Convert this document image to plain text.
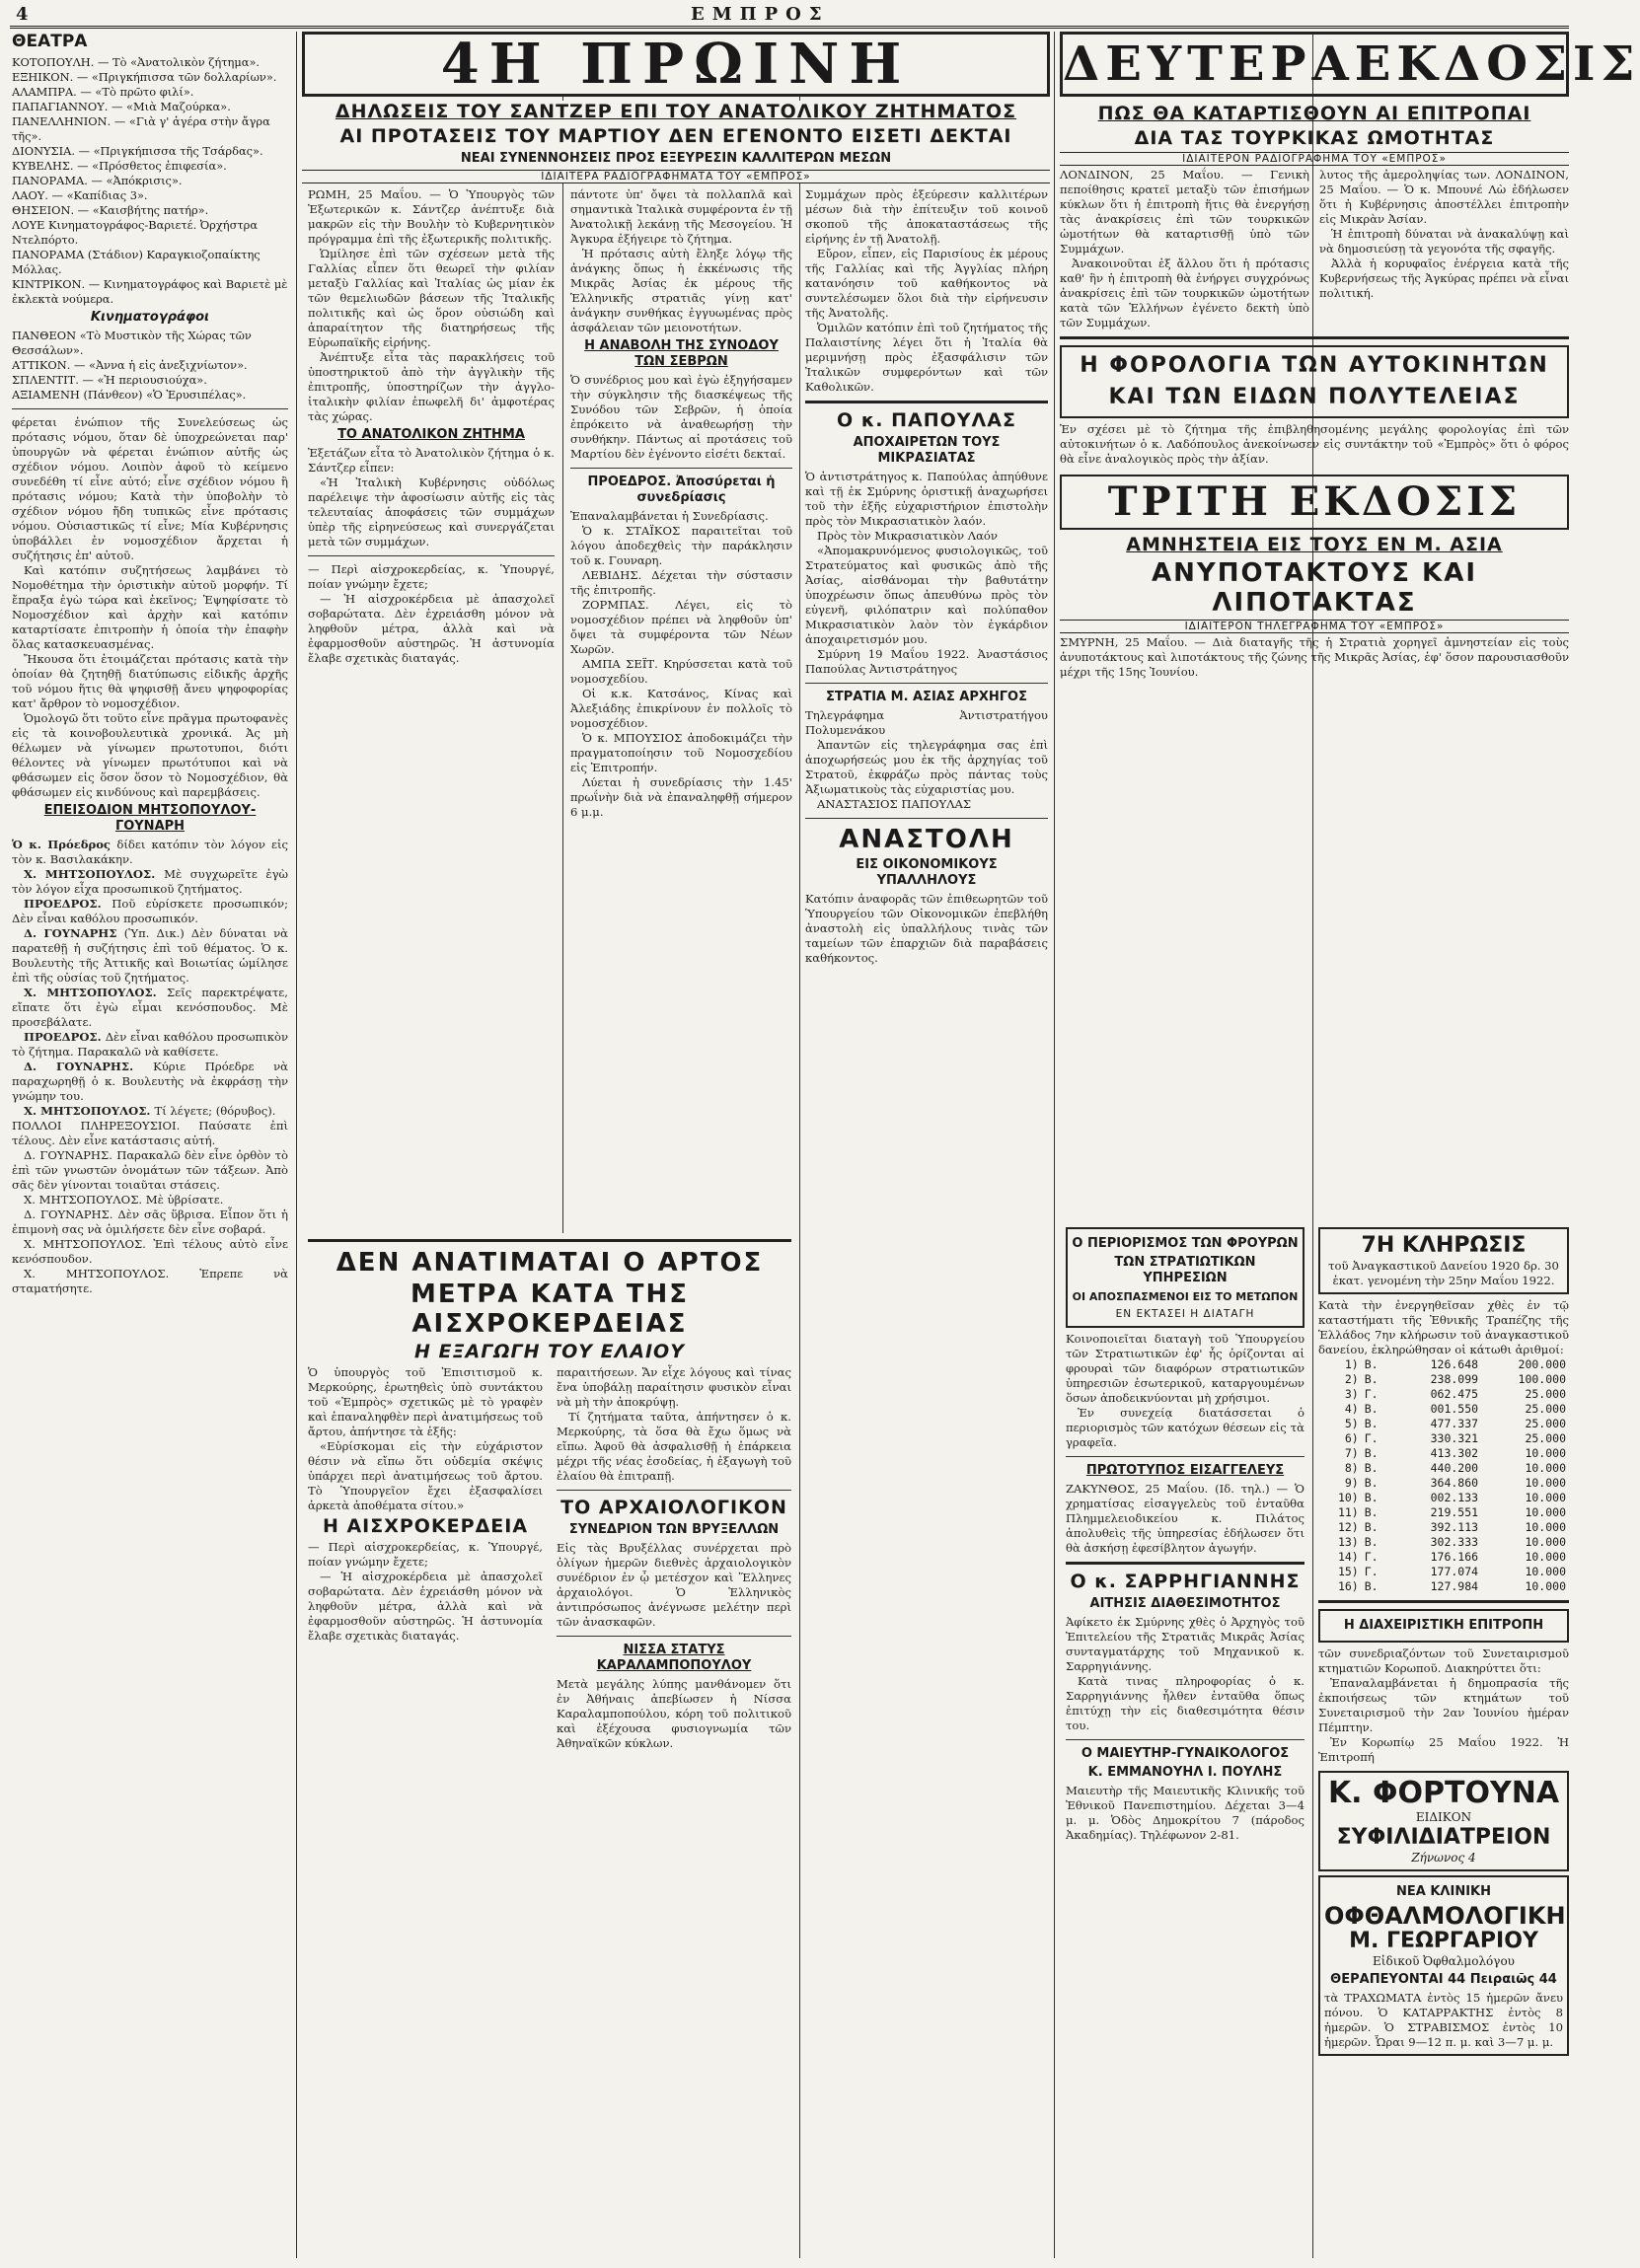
4	ΕΜΠΡΟΣ
ΘΕΑΤΡΑ

ΚΟΤΟΠΟΥΛΗ. — Τὸ «Ἀνατολικὸν ζήτημα».

ΕΞΗΙΚΟΝ. — «Πριγκήπισσα τῶν δολλαρίων».

ΑΛΑΜΠΡΑ. — «Τὸ πρῶτο φιλί».

ΠΑΠΑΓΙΑΝΝΟΥ. — «Μιὰ Μαζούρκα».

ΠΑΝΕΛΛΗΝΙΟΝ. — «Γιὰ γ' ἀγέρα στὴν ἄγρα τῆς».

ΔΙΟΝΥΣΙΑ. — «Πριγκήπισσα τῆς Τσάρδας».

ΚΥΒΕΛΗΣ. — «Πρόσθετος ἐπιφεσία».

ΠΑΝΟΡΑΜΑ. — «Ἀπόκρισις».

ΛΑΟΥ. — «Καπίδιας 3».

ΘΗΣΕΙΟΝ. — «Καισβήτης πατήρ».

ΛΟΥΕ Κινηματογράφος-Βαριετέ. Ὀρχήστρα Ντελπόρτο.

ΠΑΝΟΡΑΜΑ (Στάδιον) Καραγκιοζοπαίκτης Μόλλας.

ΚΙΝΤΡΙΚΟΝ. — Κινηματογράφος καὶ Βαριετὲ μὲ ἐκλεκτὰ νούμερα.

Κινηματογράφοι

ΠΑΝΘΕΟΝ «Τὸ Μυστικὸν τῆς Χώρας τῶν Θεσσάλων».

ΑΤΤΙΚΟΝ. — «Ἀννα ἡ εἰς ἀνεξιχνίωτον».

ΣΠΛΕΝΤΙΤ. — «Ἡ περιουσιούχα».

ΑΞΙΑΜΕΝΗ (Πάνθεον) «Ὁ Ἐρυσιπέλας».

φέρεται ἐνώπιον τῆς Συνελεύσεως ὡς πρότασις νόμου, ὅταν δὲ ὑποχρεώνεται παρ' ὑπουργῶν νὰ φέρεται ἐνώπιον αὐτῆς ὡς σχέδιον νόμου. Λοιπὸν ἀφοῦ τὸ κείμενο συνεδέθη τί εἶνε αὐτό; εἶνε σχέδιον νόμου ἢ πρότασις νόμου; Κατὰ τὴν ὑποβολὴν τὸ σχέδιον νόμου ἤδη τυπικῶς εἶνε πρότασις νόμου. Οὐσιαστικῶς τί εἶνε; Μία Κυβέρνησις ὑποβάλλει ἐν νομοσχέδιον ἄρχεται ἡ συζήτησις ἐπ' αὐτοῦ.

Καὶ κατόπιν συζητήσεως λαμβάνει τὸ Νομοθέτημα τὴν ὁριστικὴν αὐτοῦ μορφήν. Τί ἔπραξα ἐγὼ τώρα καὶ ἐκεῖνος; Ἐψηφίσατε τὸ Νομοσχέδιον καὶ ἀρχὴν καὶ κατόπιν καταρτίσατε ἐπιτροπὴν ἡ ὁποία τὴν ἐπαφὴν ὅλας κατασκευασμένας.

Ἤκουσα ὅτι ἐτοιμάζεται πρότασις κατὰ τὴν ὁποίαν θὰ ζητηθῇ διατύπωσις εἰδικῆς ἀρχῆς τοῦ νόμου ἥτις θὰ ψηφισθῇ ἄνευ ψηφοφορίας κατ' ἄρθρον τὸ νομοσχέδιον.

Ὁμολογῶ ὅτι τοῦτο εἶνε πρᾶγμα πρωτοφανὲς εἰς τὰ κοινοβουλευτικὰ χρονικά. Ἀς μὴ θέλωμεν νὰ γίνωμεν πρωτοτυποι, διότι θέλοντες νὰ γίνωμεν πρωτότυποι καὶ νὰ φθάσωμεν εἰς ὅσον ὅσον τὸ Νομοσχέδιον, θὰ φθάσωμεν εἰς κινδύνους καὶ παρεμβάσεις.

ΕΠΕΙΣΟΔΙΟΝ ΜΗΤΣΟΠΟΥΛΟΥ-ΓΟΥΝΑΡΗ

Ὁ κ. Πρόεδρος δίδει κατόπιν τὸν λόγον εἰς τὸν κ. Βασιλακάκην.

Χ. ΜΗΤΣΟΠΟΥΛΟΣ. Μὲ συγχωρεῖτε ἐγὼ τὸν λόγον εἶχα προσωπικοῦ ζητήματος.

ΠΡΟΕΔΡΟΣ. Ποῦ εὑρίσκετε προσωπικόν; Δὲν εἶναι καθόλου προσωπικόν.

Δ. ΓΟΥΝΑΡΗΣ (Ὑπ. Δικ.) Δὲν δύναται νὰ παρατεθῇ ἡ συζήτησις ἐπὶ τοῦ θέματος. Ὁ κ. Βουλευτὴς τῆς Ἀττικῆς καὶ Βοιωτίας ὡμίλησε ἐπὶ τῆς οὐσίας τοῦ ζητήματος.

Χ. ΜΗΤΣΟΠΟΥΛΟΣ. Σεῖς παρεκτρέψατε, εἴπατε ὅτι ἐγὼ εἶμαι κενόσπουδος. Μὲ προσεβάλατε.

ΠΡΟΕΔΡΟΣ. Δὲν εἶναι καθόλου προσωπικὸν τὸ ζήτημα. Παρακαλῶ νὰ καθίσετε.

Δ. ΓΟΥΝΑΡΗΣ. Κύριε Πρόεδρε νὰ παραχωρηθῇ ὁ κ. Βουλευτὴς νὰ ἐκφράσῃ τὴν γνώμην του.

Χ. ΜΗΤΣΟΠΟΥΛΟΣ. Τί λέγετε; (θόρυβος).

ΠΟΛΛΟΙ ΠΛΗΡΕΞΟΥΣΙΟΙ. Παύσατε ἐπὶ τέλους. Δὲν εἶνε κατάστασις αὐτή.

Δ. ΓΟΥΝΑΡΗΣ. Παρακαλῶ δὲν εἶνε ὀρθὸν τὸ ἐπὶ τῶν γνωστῶν ὀνομάτων τῶν τάξεων. Ἀπὸ σᾶς δὲν γίνονται τοιαῦται στάσεις.

Χ. ΜΗΤΣΟΠΟΥΛΟΣ. Μὲ ὑβρίσατε.

Δ. ΓΟΥΝΑΡΗΣ. Δὲν σᾶς ὕβρισα. Εἶπον ὅτι ἡ ἐπιμονὴ σας νὰ ὁμιλήσετε δὲν εἶνε σοβαρά.

Χ. ΜΗΤΣΟΠΟΥΛΟΣ. Ἐπὶ τέλους αὐτὸ εἶνε κενόσπουδον.

Χ. ΜΗΤΣΟΠΟΥΛΟΣ. Ἐπρεπε νὰ σταματήσητε.

4Η ΠΡΩΙΝΗ
ΔΗΛΩΣΕΙΣ ΤΟΥ ΣΑΝΤΖΕΡ ΕΠΙ ΤΟΥ ΑΝΑΤΟΛΙΚΟΥ ΖΗΤΗΜΑΤΟΣ
ΑΙ ΠΡΟΤΑΣΕΙΣ ΤΟΥ ΜΑΡΤΙΟΥ ΔΕΝ ΕΓΕΝΟΝΤΟ ΕΙΣΕΤΙ ΔΕΚΤΑΙ
ΝΕΑΙ ΣΥΝΕΝΝΟΗΣΕΙΣ ΠΡΟΣ ΕΞΕΥΡΕΣΙΝ ΚΑΛΛΙΤΕΡΩΝ ΜΕΣΩΝ
ΙΔΙΑΙΤΕΡΑ ΡΑΔΙΟΓΡΑΦΗΜΑΤΑ ΤΟΥ «ΕΜΠΡΟΣ»

ΡΩΜΗ, 25 Μαΐου. — Ὁ Ὑπουργὸς τῶν Ἐξωτερικῶν κ. Σάντζερ ἀνέπτυξε διὰ μακρῶν εἰς τὴν Βουλὴν τὸ Κυβερνητικὸν πρόγραμμα ἐπὶ τῆς ἐξωτερικῆς πολιτικῆς.

Ὡμίλησε ἐπὶ τῶν σχέσεων μετὰ τῆς Γαλλίας εἶπεν ὅτι θεωρεῖ τὴν φιλίαν μεταξὺ Γαλλίας καὶ Ἰταλίας ὡς μίαν ἐκ τῶν θεμελιωδῶν βάσεων τῆς Ἰταλικῆς πολιτικῆς καὶ ὡς ὅρον οὐσιώδη καὶ ἀπαραίτητον τῆς διατηρήσεως τῆς Εὐρωπαϊκῆς εἰρήνης.

Ἀνέπτυξε εἶτα τὰς παρακλήσεις τοῦ ὑποστηρικτοῦ ἀπὸ τὴν ἀγγλικὴν τῆς ἐπιτροπῆς, ὑποστηρίζων τὴν ἀγγλο-ἰταλικὴν φιλίαν ἐπωφελῆ δι' ἀμφοτέρας τὰς χώρας.

ΤΟ ΑΝΑΤΟΛΙΚΟΝ ΖΗΤΗΜΑ

Ἐξετάζων εἶτα τὸ Ἀνατολικὸν ζήτημα ὁ κ. Σάντζερ εἶπεν:

«Ἡ Ἰταλικὴ Κυβέρνησις οὐδόλως παρέλειψε τὴν ἀφοσίωσιν αὐτῆς εἰς τὰς τελευταίας ἀποφάσεις τῶν συμμάχων ὑπὲρ τῆς εἰρηνεύσεως καὶ συνεργάζεται μετὰ τῶν συμμάχων.

— Περὶ αἰσχροκερδείας, κ. Ὑπουργέ, ποίαν γνώμην ἔχετε;

— Ἡ αἰσχροκέρδεια μὲ ἀπασχολεῖ σοβαρώτατα. Δὲν ἐχρειάσθη μόνον νὰ ληφθοῦν μέτρα, ἀλλὰ καὶ νὰ ἐφαρμοσθοῦν αὐστηρῶς. Ἡ ἀστυνομία ἔλαβε σχετικὰς διαταγάς.

πάντοτε ὑπ' ὄψει τὰ πολλαπλᾶ καὶ σημαντικὰ Ἰταλικὰ συμφέροντα ἐν τῇ Ἀνατολικῇ λεκάνῃ τῆς Μεσογείου. Ἡ Ἀγκυρα ἐξήγειρε τὸ ζήτημα.

Ἡ πρότασις αὐτὴ ἔληξε λόγῳ τῆς ἀνάγκης ὅπως ἡ ἐκκένωσις τῆς Μικρᾶς Ἀσίας ἐκ μέρους τῆς Ἑλληνικῆς στρατιᾶς γίνῃ κατ' ἀνάγκην συνθήκας ἐγγυωμένας πρὸς ἀσφάλειαν τῶν μειονοτήτων.

Η ΑΝΑΒΟΛΗ ΤΗΣ ΣΥΝΟΔΟΥ ΤΩΝ ΣΕΒΡΩΝ

Ὁ συνέδριος μου καὶ ἐγὼ ἐξηγήσαμεν τὴν σύγκλησιν τῆς διασκέψεως τῆς Συνόδου τῶν Σεβρῶν, ἡ ὁποία ἐπρόκειτο νὰ ἀναθεωρήσῃ τὴν συνθήκην. Πάντως αἱ προτάσεις τοῦ Μαρτίου δὲν ἐγένοντο εἰσέτι δεκταί.

ΠΡΟΕΔΡΟΣ. Ἀποσύρεται ἡ συνεδρίασις

Ἐπαναλαμβάνεται ἡ Συνεδρίασις.

Ὁ κ. ΣΤΑΪΚΟΣ παραιτεῖται τοῦ λόγου ἀποδεχθεὶς τὴν παράκλησιν τοῦ κ. Γουναρη.

ΛΕΒΙΔΗΣ. Δέχεται τὴν σύστασιν τῆς ἐπιτροπῆς.

ΖΟΡΜΠΑΣ. Λέγει, εἰς τὸ νομοσχέδιον πρέπει νὰ ληφθοῦν ὑπ' ὄψει τὰ συμφέροντα τῶν Νέων Χωρῶν.

ΑΜΠΑ ΣΕΪΤ. Κηρύσσεται κατὰ τοῦ νομοσχεδίου.

Οἱ κ.κ. Κατσάνος, Κίνας καὶ Ἀλεξιάδης ἐπικρίνουν ἐν πολλοῖς τὸ νομοσχέδιον.

Ὁ κ. ΜΠΟΥΣΙΟΣ ἀποδοκιμάζει τὴν πραγματοποίησιν τοῦ Νομοσχεδίου εἰς Ἐπιτροπήν.

Λύεται ἡ συνεδρίασις τὴν 1.45' πρωΐνὴν διὰ νὰ ἐπαναληφθῇ σήμερον 6 μ.μ.

Συμμάχων πρὸς ἐξεύρεσιν καλλιτέρων μέσων διὰ τὴν ἐπίτευξιν τοῦ κοινοῦ σκοποῦ τῆς ἀποκαταστάσεως τῆς εἰρήνης ἐν τῇ Ἀνατολῇ.

Εὔρον, εἶπεν, εἰς Παρισίους ἐκ μέρους τῆς Γαλλίας καὶ τῆς Ἀγγλίας πλήρη κατανόησιν τοῦ καθήκοντος νὰ συντελέσωμεν ὅλοι διὰ τὴν εἰρήνευσιν τῆς Ἀνατολῆς.

Ὁμιλῶν κατόπιν ἐπὶ τοῦ ζητήματος τῆς Παλαιστίνης λέγει ὅτι ἡ Ἰταλία θὰ μεριμνήσῃ πρὸς ἐξασφάλισιν τῶν Ἰταλικῶν συμφερόντων καὶ τῶν Καθολικῶν.

Ο κ. ΠΑΠΟΥΛΑΣ
ΑΠΟΧΑΙΡΕΤΩΝ ΤΟΥΣ ΜΙΚΡΑΣΙΑΤΑΣ

Ὁ ἀντιστράτηγος κ. Παπούλας ἀπηύθυνε καὶ τῇ ἐκ Σμύρνης ὁριστικῇ ἀναχωρήσει τοῦ τὴν ἑξῆς εὐχαριστήριον ἐπιστολὴν πρὸς τὸν Μικρασιατικὸν λαόν.

Πρὸς τὸν Μικρασιατικὸν Λαόν

«Ἀπομακρυνόμενος φυσιολογικῶς, τοῦ Στρατεύματος καὶ φυσικῶς ἀπὸ τῆς Ἀσίας, αἰσθάνομαι τὴν βαθυτάτην ὑποχρέωσιν ὅπως ἀπευθύνω πρὸς τὸν εὐγενῆ, φιλόπατριν καὶ πολύπαθον Μικρασιατικὸν λαὸν τὸν ἐγκάρδιον ἀποχαιρετισμόν μου.

Σμύρνη 19 Μαΐου 1922. Ἀναστάσιος Παπούλας Ἀντιστράτηγος

ΣΤΡΑΤΙΑ Μ. ΑΣΙΑΣ ΑΡΧΗΓΟΣ

Τηλεγράφημα Ἀντιστρατήγου Πολυμενάκου

Ἀπαντῶν εἰς τηλεγράφημα σας ἐπὶ ἀποχωρήσεώς μου ἐκ τῆς ἀρχηγίας τοῦ Στρατοῦ, ἐκφράζω πρὸς πάντας τοὺς Ἀξιωματικοὺς τὰς εὐχαριστίας μου.

ΑΝΑΣΤΑΣΙΟΣ ΠΑΠΟΥΛΑΣ

ΑΝΑΣΤΟΛΗ
ΕΙΣ ΟΙΚΟΝΟΜΙΚΟΥΣ ΥΠΑΛΛΗΛΟΥΣ

Κατόπιν ἀναφορᾶς τῶν ἐπιθεωρητῶν τοῦ Ὑπουργείου τῶν Οἰκονομικῶν ἐπεβλήθη ἀναστολὴ εἰς ὑπαλλήλους τινὰς τῶν ταμείων τῶν ἐπαρχιῶν διὰ παραβάσεις καθήκοντος.

ΔΕΝ ΑΝΑΤΙΜΑΤΑΙ Ο ΑΡΤΟΣ
ΜΕΤΡΑ ΚΑΤΑ ΤΗΣ ΑΙΣΧΡΟΚΕΡΔΕΙΑΣ
Η ΕΞΑΓΩΓΗ ΤΟΥ ΕΛΑΙΟΥ

Ὁ ὑπουργὸς τοῦ Ἐπισιτισμοῦ κ. Μερκούρης, ἐρωτηθεὶς ὑπὸ συντάκτου τοῦ «Ἐμπρὸς» σχετικῶς μὲ τὸ γραφὲν καὶ ἐπαναληφθὲν περὶ ἀνατιμήσεως τοῦ ἄρτου, ἀπήντησε τὰ ἑξῆς:

«Εὑρίσκομαι εἰς τὴν εὐχάριστον θέσιν νὰ εἴπω ὅτι οὐδεμία σκέψις ὑπάρχει περὶ ἀνατιμήσεως τοῦ ἄρτου. Τὸ Ὑπουργεῖον ἔχει ἐξασφαλίσει ἀρκετὰ ἀποθέματα σίτου.»

Η ΑΙΣΧΡΟΚΕΡΔΕΙΑ

— Περὶ αἰσχροκερδείας, κ. Ὑπουργέ, ποίαν γνώμην ἔχετε;

— Ἡ αἰσχροκέρδεια μὲ ἀπασχολεῖ σοβαρώτατα. Δὲν ἐχρειάσθη μόνον νὰ ληφθοῦν μέτρα, ἀλλὰ καὶ νὰ ἐφαρμοσθοῦν αὐστηρῶς. Ἡ ἀστυνομία ἔλαβε σχετικὰς διαταγάς.

παραιτήσεων. Ἄν εἶχε λόγους καὶ τίνας ἔνα ὑποβάλῃ παραίτησιν φυσικὸν εἶναι νὰ μὴ τὴν ἀποκρύψῃ.

Τί ζητήματα ταῦτα, ἀπήντησεν ὁ κ. Μερκούρης, τὰ ὅσα θὰ ἔχω ὅμως νὰ εἴπω. Ἀφοῦ θὰ ἀσφαλισθῇ ἡ ἐπάρκεια μέχρι τῆς νέας ἐσοδείας, ἡ ἐξαγωγὴ τοῦ ἐλαίου θὰ ἐπιτραπῇ.

ΤΟ ΑΡΧΑΙΟΛΟΓΙΚΟΝ
ΣΥΝΕΔΡΙΟΝ ΤΩΝ ΒΡΥΞΕΛΛΩΝ

Εἰς τὰς Βρυξέλλας συνέρχεται πρὸ ὀλίγων ἡμερῶν διεθνὲς ἀρχαιολογικὸν συνέδριον ἐν ᾧ μετέσχον καὶ Ἕλληνες ἀρχαιολόγοι. Ὁ Ἑλληνικὸς ἀντιπρόσωπος ἀνέγνωσε μελέτην περὶ τῶν ἀνασκαφῶν.

ΝΙΣΣΑ ΣΤΑΤΥΣ ΚΑΡΑΛΑΜΠΟΠΟΥΛΟΥ

Μετὰ μεγάλης λύπης μανθάνομεν ὅτι ἐν Ἀθήναις ἀπεβίωσεν ἡ Νίσσα Καραλαμποπούλου, κόρη τοῦ πολιτικοῦ καὶ ἐξέχουσα φυσιογνωμία τῶν Ἀθηναϊκῶν κύκλων.

ΔΕΥΤΕΡΑΕΚΔΟΣΙΣ
ΠΩΣ ΘΑ ΚΑΤΑΡΤΙΣΘΟΥΝ ΑΙ ΕΠΙΤΡΟΠΑΙ
ΔΙΑ ΤΑΣ ΤΟΥΡΚΙΚΑΣ ΩΜΟΤΗΤΑΣ
ΙΔΙΑΙΤΕΡΟΝ ΡΑΔΙΟΓΡΑΦΗΜΑ ΤΟΥ «ΕΜΠΡΟΣ»

ΛΟΝΔΙΝΟΝ, 25 Μαΐου. — Γενικὴ πεποίθησις κρατεῖ μεταξὺ τῶν ἐπισήμων κύκλων ὅτι ἡ ἐπιτροπὴ ἥτις θὰ ἐνεργήσῃ τὰς ἀνακρίσεις ἐπὶ τῶν τουρκικῶν ὠμοτήτων θὰ καταρτισθῇ ὑπὸ τῶν Συμμάχων.

Ἀνακοινοῦται ἐξ ἄλλου ὅτι ἡ πρότασις καθ' ἣν ἡ ἐπιτροπὴ θὰ ἐνήργει συγχρόνως ἀνακρίσεις ἐπὶ τῶν τουρκικῶν ὠμοτήτων κατὰ τῶν Ἑλλήνων ἐγένετο δεκτὴ ὑπὸ τῶν Συμμάχων.

λυτος τῆς ἀμεροληψίας των. ΛΟΝΔΙΝΟΝ, 25 Μαΐου. — Ὁ κ. Μπουνέ Λὼ ἐδήλωσεν ὅτι ἡ Κυβέρνησις ἀποστέλλει ἐπιτροπὴν εἰς Μικρὰν Ἀσίαν.

Ἡ ἐπιτροπὴ δύναται νὰ ἀνακαλύψῃ καὶ νὰ δημοσιεύσῃ τὰ γεγονότα τῆς σφαγῆς.

Ἀλλὰ ἡ κορυφαῖος ἐνέργεια κατὰ τῆς Κυβερνήσεως τῆς Ἀγκύρας πρέπει νὰ εἶναι πολιτική.

Η ΦΟΡΟΛΟΓΙΑ ΤΩΝ ΑΥΤΟΚΙΝΗΤΩΝ
ΚΑΙ ΤΩΝ ΕΙΔΩΝ ΠΟΛΥΤΕΛΕΙΑΣ

Ἐν σχέσει μὲ τὸ ζήτημα τῆς ἐπιβληθησομένης μεγάλης φορολογίας ἐπὶ τῶν αὐτοκινήτων ὁ κ. Λαδόπουλος ἀνεκοίνωσεν εἰς συντάκτην τοῦ «Ἐμπρὸς» ὅτι ὁ φόρος θὰ εἶνε ἀναλογικὸς πρὸς τὴν ἀξίαν.

ΤΡΙΤΗ ΕΚΔΟΣΙΣ
ΑΜΝΗΣΤΕΙΑ ΕΙΣ ΤΟΥΣ ΕΝ Μ. ΑΣΙΑ
ΑΝΥΠΟΤΑΚΤΟΥΣ ΚΑΙ ΛΙΠΟΤΑΚΤΑΣ
ΙΔΙΑΙΤΕΡΟΝ ΤΗΛΕΓΡΑΦΗΜΑ ΤΟΥ «ΕΜΠΡΟΣ»

ΣΜΥΡΝΗ, 25 Μαΐου. — Διὰ διαταγῆς τῆς ἡ Στρατιὰ χορηγεῖ ἀμνηστείαν εἰς τοὺς ἀνυποτάκτους καὶ λιποτάκτους τῆς ζώνης τῆς Μικρᾶς Ἀσίας, ἐφ' ὅσον παρουσιασθοῦν μέχρι τῆς 15ης Ἰουνίου.

Ο ΠΕΡΙΟΡΙΣΜΟΣ ΤΩΝ ΦΡΟΥΡΩΝ
ΤΩΝ ΣΤΡΑΤΙΩΤΙΚΩΝ ΥΠΗΡΕΣΙΩΝ
ΟΙ ΑΠΟΣΠΑΣΜΕΝΟΙ ΕΙΣ ΤΟ ΜΕΤΩΠΟΝ
ΕΝ ΕΚΤΑΣΕΙ Η ΔΙΑΤΑΓΗ

Κοινοποιεῖται διαταγὴ τοῦ Ὑπουργείου τῶν Στρατιωτικῶν ἐφ' ἧς ὁρίζονται αἱ φρουραὶ τῶν διαφόρων στρατιωτικῶν ὑπηρεσιῶν ἐσωτερικοῦ, καταργουμένων ὅσων ἀποδεικνύονται μὴ χρήσιμοι.

Ἐν συνεχείᾳ διατάσσεται ὁ περιορισμὸς τῶν κατόχων θέσεων εἰς τὰ γραφεῖα.

ΠΡΩΤΟΤΥΠΟΣ ΕΙΣΑΓΓΕΛΕΥΣ

ΖΑΚΥΝΘΟΣ, 25 Μαΐου. (Ιδ. τηλ.) — Ὁ χρηματίσας εἰσαγγελεὺς τοῦ ἐνταῦθα Πλημμελειοδικείου κ. Πιλάτος ἀπολυθεὶς τῆς ὑπηρεσίας ἐδήλωσεν ὅτι θὰ ἀσκήσῃ ἐφεσίβλητον ἀγωγήν.

Ο κ. ΣΑΡΡΗΓΙΑΝΝΗΣ
ΑΙΤΗΣΙΣ ΔΙΑΘΕΣΙΜΟΤΗΤΟΣ

Ἀφίκετο ἐκ Σμύρνης χθὲς ὁ Ἀρχηγὸς τοῦ Ἐπιτελείου τῆς Στρατιᾶς Μικρᾶς Ἀσίας συνταγματάρχης τοῦ Μηχανικοῦ κ. Σαρρηγιάννης.

Κατὰ τινας πληροφορίας ὁ κ. Σαρρηγιάννης ἦλθεν ἐνταῦθα ὅπως ἐπιτύχῃ τὴν εἰς διαθεσιμότητα θέσιν του.

Ο ΜΑΙΕΥΤΗΡ-ΓΥΝΑΙΚΟΛΟΓΟΣ
Κ. ΕΜΜΑΝΟΥΗΛ Ι. ΠΟΥΛΗΣ

Μαιευτὴρ τῆς Μαιευτικῆς Κλινικῆς τοῦ Ἐθνικοῦ Πανεπιστημίου. Δέχεται 3—4 μ. μ. Ὁδὸς Δημοκρίτου 7 (πάροδος Ἀκαδημίας). Τηλέφωνον 2-81.

7Η ΚΛΗΡΩΣΙΣ

τοῦ Ἀναγκαστικοῦ Δανείου 1920 δρ. 30 ἑκατ. γενομένη τὴν 25ην Μαΐου 1922.

Κατὰ τὴν ἐνεργηθεῖσαν χθὲς ἐν τῷ καταστήματι τῆς Ἐθνικῆς Τραπέζης τῆς Ἑλλάδος 7ην κλήρωσιν τοῦ ἀναγκαστικοῦ δανείου, ἐκληρώθησαν οἱ κάτωθι ἀριθμοί:

1)	Β.	126.648	200.000
2)	Β.	238.099	100.000
3)	Γ.	062.475	25.000
4)	Β.	001.550	25.000
5)	Β.	477.337	25.000
6)	Γ.	330.321	25.000
7)	Β.	413.302	10.000
8)	Β.	440.200	10.000
9)	Β.	364.860	10.000
10)	Β.	002.133	10.000
11)	Β.	219.551	10.000
12)	Β.	392.113	10.000
13)	Β.	302.333	10.000
14)	Γ.	176.166	10.000
15)	Γ.	177.074	10.000
16)	Β.	127.984	10.000
Η ΔΙΑΧΕΙΡΙΣΤΙΚΗ ΕΠΙΤΡΟΠΗ

τῶν συνεδριαζόντων τοῦ Συνεταιρισμοῦ κτηματιῶν Κορωποῦ. Διακηρύττει ὅτι:

Ἐπαναλαμβάνεται ἡ δημοπρασία τῆς ἐκποιήσεως τῶν κτημάτων τοῦ Συνεταιρισμοῦ τὴν 2αν Ἰουνίου ἡμέραν Πέμπτην.

Ἐν Κορωπίῳ 25 Μαΐου 1922. Ἡ Ἐπιτροπή

Κ. ΦΟΡΤΟΥΝΑ
ΕΙΔΙΚΟΝ
ΣΥΦΙΛΙΔΙΑΤΡΕΙΟΝ
Ζήνωνος 4
ΝΕΑ ΚΛΙΝΙΚΗ
ΟΦΘΑΛΜΟΛΟΓΙΚΗ
Μ. ΓΕΩΡΓΑΡΙΟΥ
Εἰδικοῦ Ὀφθαλμολόγου
ΘΕΡΑΠΕΥΟΝΤΑΙ 44 Πειραιῶς 44

τὰ ΤΡΑΧΩΜΑΤΑ ἐντὸς 15 ἡμερῶν ἄνευ πόνου. Ὁ ΚΑΤΑΡΡΑΚΤΗΣ ἐντὸς 8 ἡμερῶν. Ὁ ΣΤΡΑΒΙΣΜΟΣ ἐντὸς 10 ἡμερῶν. Ὧραι 9—12 π. μ. καὶ 3—7 μ. μ.
